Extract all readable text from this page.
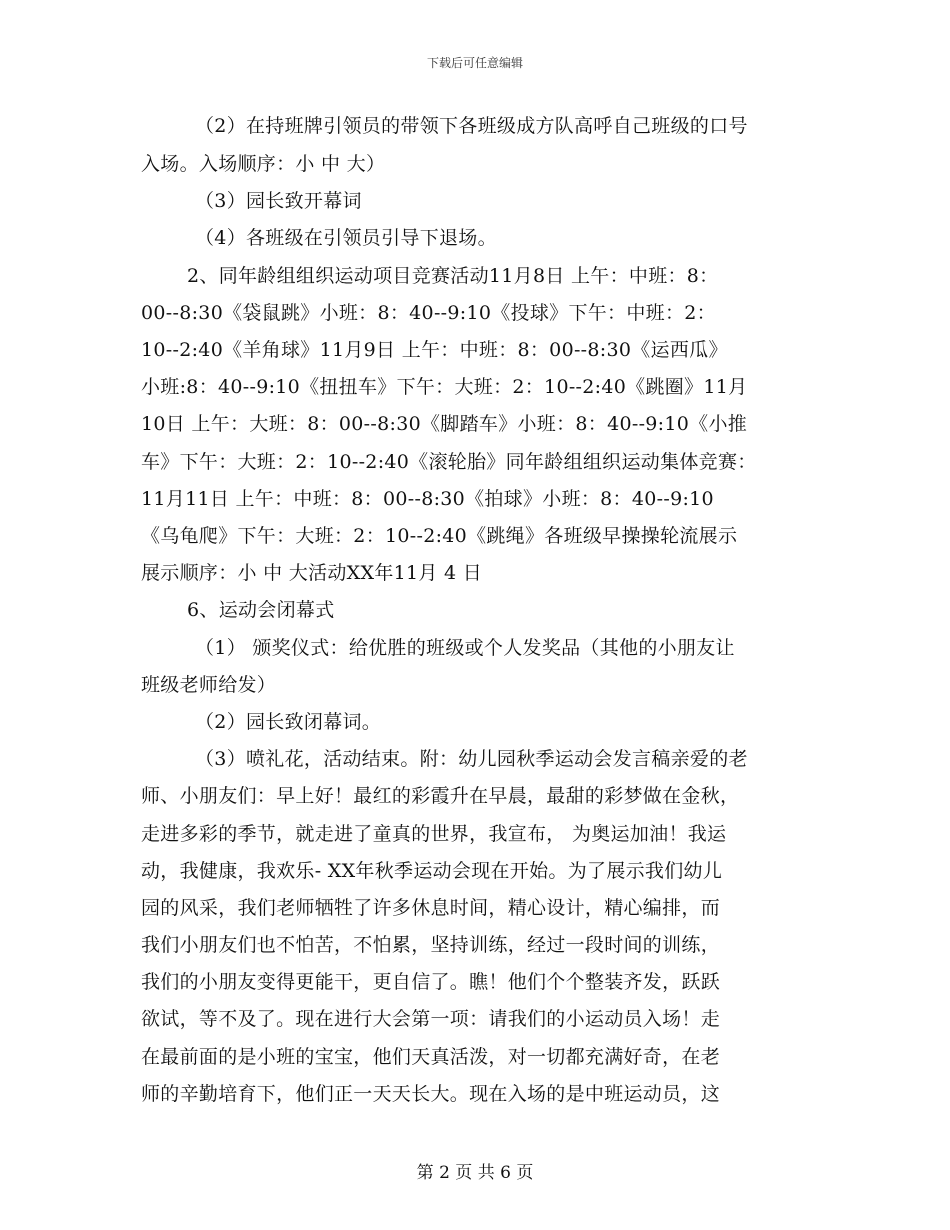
下载后可任意编辑
（2）在持班牌引领员的带领下各班级成方队高呼自己班级的口号
入场。入场顺序：小 中 大）
（3）园长致开幕词
（4）各班级在引领员引导下退场。
2、同年龄组组织运动项目竞赛活动11月8日 上午：中班：8：
00--8:30《袋鼠跳》小班：8：40--9:10《投球》下午：中班：2：
10--2:40《羊角球》11月9日 上午：中班：8：00--8:30《运西瓜》
小班:8：40--9:10《扭扭车》下午：大班：2：10--2:40《跳圈》11月
10日 上午：大班：8：00--8:30《脚踏车》小班：8：40--9:10《小推
车》下午：大班：2：10--2:40《滚轮胎》同年龄组组织运动集体竞赛：
11月11日 上午：中班：8：00--8:30《拍球》小班：8：40--9:10
《乌龟爬》下午：大班：2：10--2:40《跳绳》各班级早操操轮流展示
展示顺序：小 中 大活动XX年11月 4 日
6、运动会闭幕式
（1） 颁奖仪式：给优胜的班级或个人发奖品（其他的小朋友让
班级老师给发）
（2）园长致闭幕词。
（3）喷礼花，活动结束。附：幼儿园秋季运动会发言稿亲爱的老
师、小朋友们：早上好！最红的彩霞升在早晨，最甜的彩梦做在金秋，
走进多彩的季节，就走进了童真的世界，我宣布， 为奥运加油！我运
动，我健康，我欢乐- XX年秋季运动会现在开始。为了展示我们幼儿
园的风采，我们老师牺牲了许多休息时间，精心设计，精心编排，而
我们小朋友们也不怕苦，不怕累，坚持训练，经过一段时间的训练，
我们的小朋友变得更能干，更自信了。瞧！他们个个整装齐发，跃跃
欲试，等不及了。现在进行大会第一项：请我们的小运动员入场！走
在最前面的是小班的宝宝，他们天真活泼，对一切都充满好奇，在老
师的辛勤培育下，他们正一天天长大。现在入场的是中班运动员，这
第 2 页 共 6 页
